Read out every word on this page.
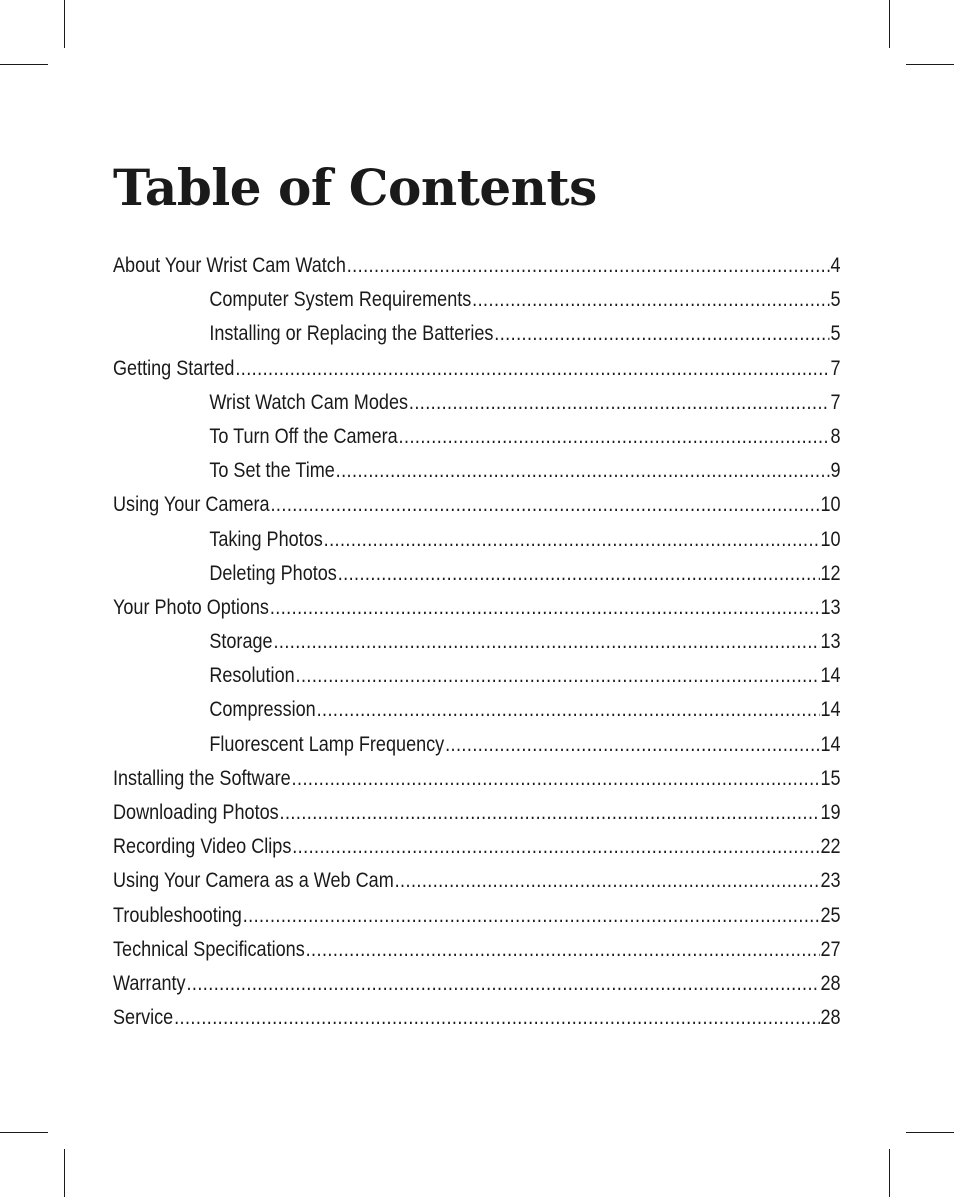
Table of Contents
About Your Wrist Cam Watch .....	4
Computer System Requirements .....	5
Installing or Replacing the Batteries .....	5
Getting Started .....	7
Wrist Watch Cam Modes .....	7
To Turn Off the Camera .....	8
To Set the Time .....	9
Using Your Camera .....	10
Taking Photos .....	10
Deleting Photos .....	12
Your Photo Options .....	13
Storage .....	13
Resolution .....	14
Compression .....	14
Fluorescent Lamp Frequency .....	14
Installing the Software .....	15
Downloading Photos .....	19
Recording Video Clips .....	22
Using Your Camera as a Web Cam .....	23
Troubleshooting .....	25
Technical Specifications .....	27
Warranty .....	28
Service .....	28
